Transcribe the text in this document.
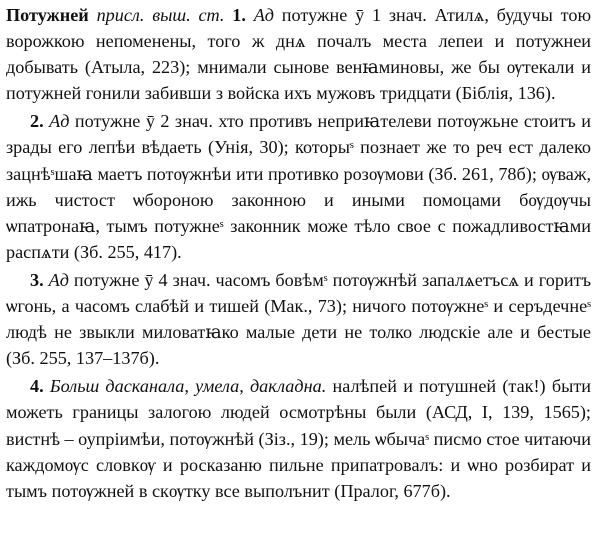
Потужней присл. выш. ст. 1. Ад потужне ӯ 1 знач. Атилѧ, будучы тою ворожкою непоменены, того ж днѧ почалъ места лепеи и потужнеи добывать (Атыла, 223); мнимали сынове венꙗминовы, же бы ѹтекали и потужней гонили забивши з войска ихъ мужовъ тридцати (Біблія, 136).

2. Ад потужне ӯ 2 знач. хто противъ неприꙗтелеви потѹжьне стоитъ и зрады его лепѣи вѣдаеть (Унія, 30); которыˢ познает же то реч ест далеко зацнѣˢшаꙗ маетъ потѹжнѣи ити противко розѹмови (Зб. 261, 78б); ѹваж, ижь чистост ѡбороною законною и иными помоцами бѹдѹчы ѡпатронаꙗ, тымъ потужнеˢ законник може тѣло свое с пожадливостꙗми распѧти (Зб. 255, 417).

3. Ад потужне ӯ 4 знач. часомъ бовѣмˢ потѹжнѣй запалѧетъсѧ и горитъ ѡгонь, а часомъ слабѣй и тишей (Мак., 73); ничого потѹжнеˢ и серъдечнеˢ людѣ не звыкли миловатꙗко малые дети не толко людскіе але и бестые (Зб. 255, 137–137б).

4. Больш дасканала, умела, дакладна. налѣпей и потушней (так!) быти можеть границы залогою людей осмотрѣны были (АСД, I, 139, 1565); вистнѣ – оупріимѣи, потѹжнѣй (Зіз., 19); мель ѡбычаˢ писмо стое читаючи каждомѹс словкѹ и росказаню пильне припатровалъ: и ѡно розбират и тымъ потѹжней в скѹтку все выполънит (Пралог, 677б).
